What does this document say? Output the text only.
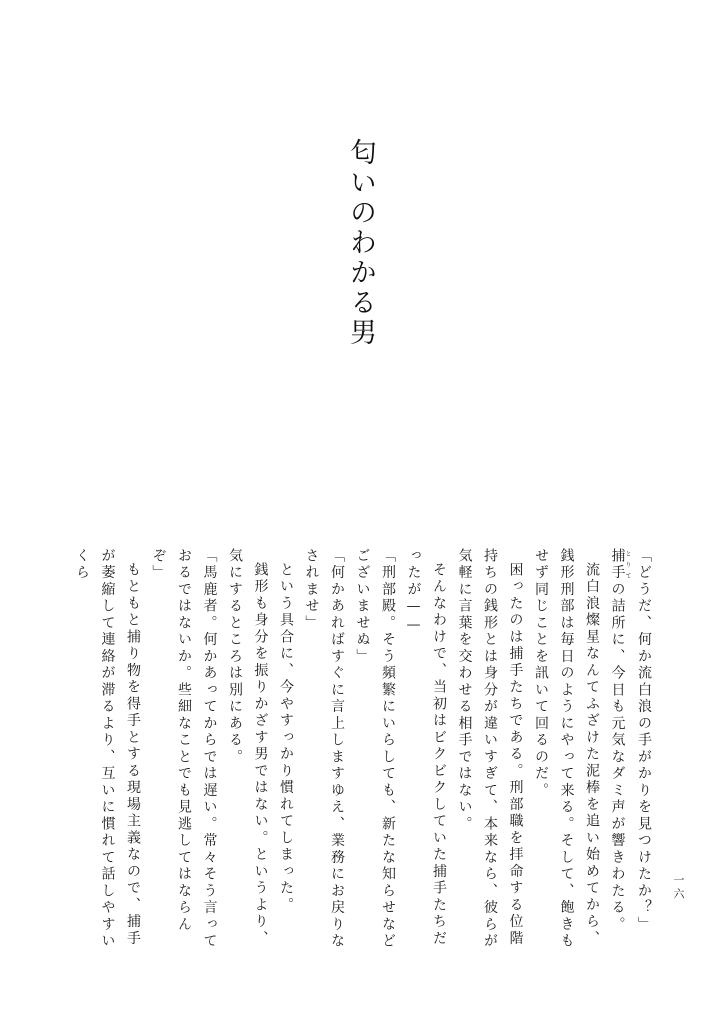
匂いのわかる男

「どうだ、何か流白浪の手がかりを見つけたか？」

捕手とりての詰所に、今日も元気なダミ声が響きわたる。

流白浪燦星なんてふざけた泥棒を追い始めてから、銭形刑部は毎日のようにやって来る。そして、飽きもせず同じことを訊いて回るのだ。

困ったのは捕手たちである。刑部職を拝命する位階持ちの銭形とは身分が違いすぎて、本来なら、彼らが気軽に言葉を交わせる相手ではない。

そんなわけで、当初はビクビクしていた捕手たちだったが——

「刑部殿。そう頻繁にいらしても、新たな知らせなどございませぬ」

「何かあればすぐに言上しますゆえ、業務にお戻りなされませ」

という具合に、今やすっかり慣れてしまった。

銭形も身分を振りかざす男ではない。というより、気にするところは別にある。

「馬鹿者。何かあってからでは遅い。常々そう言っておるではないか。些細なことでも見逃してはならんぞ」

もともと捕り物を得手とする現場主義なので、捕手が萎縮して連絡が滞るより、互いに慣れて話しやすいくら

一六
